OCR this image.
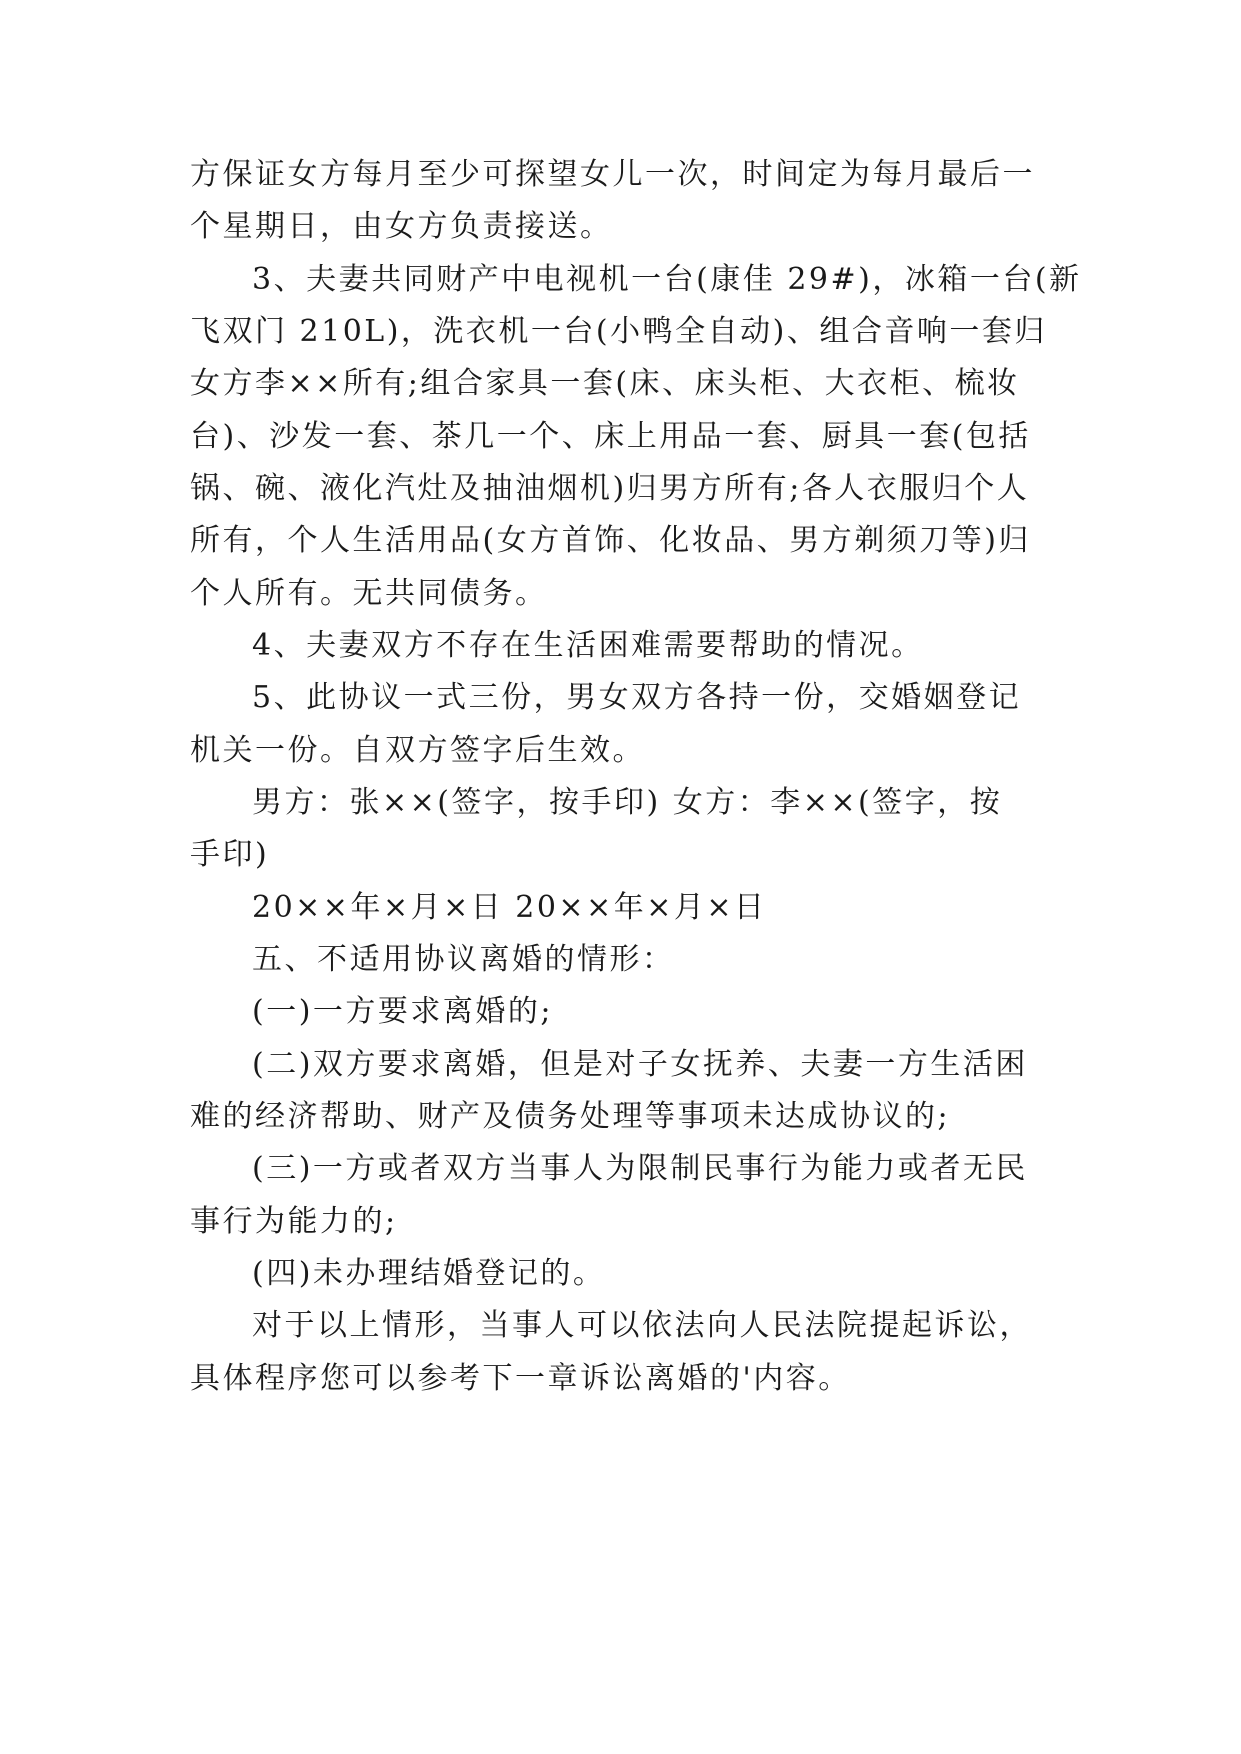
方保证女方每月至少可探望女儿一次，时间定为每月最后一
个星期日，由女方负责接送。
3、夫妻共同财产中电视机一台(康佳 29#)，冰箱一台(新
飞双门 210L)，洗衣机一台(小鸭全自动)、组合音响一套归
女方李××所有;组合家具一套(床、床头柜、大衣柜、梳妆
台)、沙发一套、茶几一个、床上用品一套、厨具一套(包括
锅、碗、液化汽灶及抽油烟机)归男方所有;各人衣服归个人
所有，个人生活用品(女方首饰、化妆品、男方剃须刀等)归
个人所有。无共同债务。
4、夫妻双方不存在生活困难需要帮助的情况。
5、此协议一式三份，男女双方各持一份，交婚姻登记
机关一份。自双方签字后生效。
男方：张××(签字，按手印) 女方：李××(签字，按
手印)
20××年×月×日 20××年×月×日
五、不适用协议离婚的情形：
(一)一方要求离婚的;
(二)双方要求离婚，但是对子女抚养、夫妻一方生活困
难的经济帮助、财产及债务处理等事项未达成协议的;
(三)一方或者双方当事人为限制民事行为能力或者无民
事行为能力的;
(四)未办理结婚登记的。
对于以上情形，当事人可以依法向人民法院提起诉讼，
具体程序您可以参考下一章诉讼离婚的'内容。
